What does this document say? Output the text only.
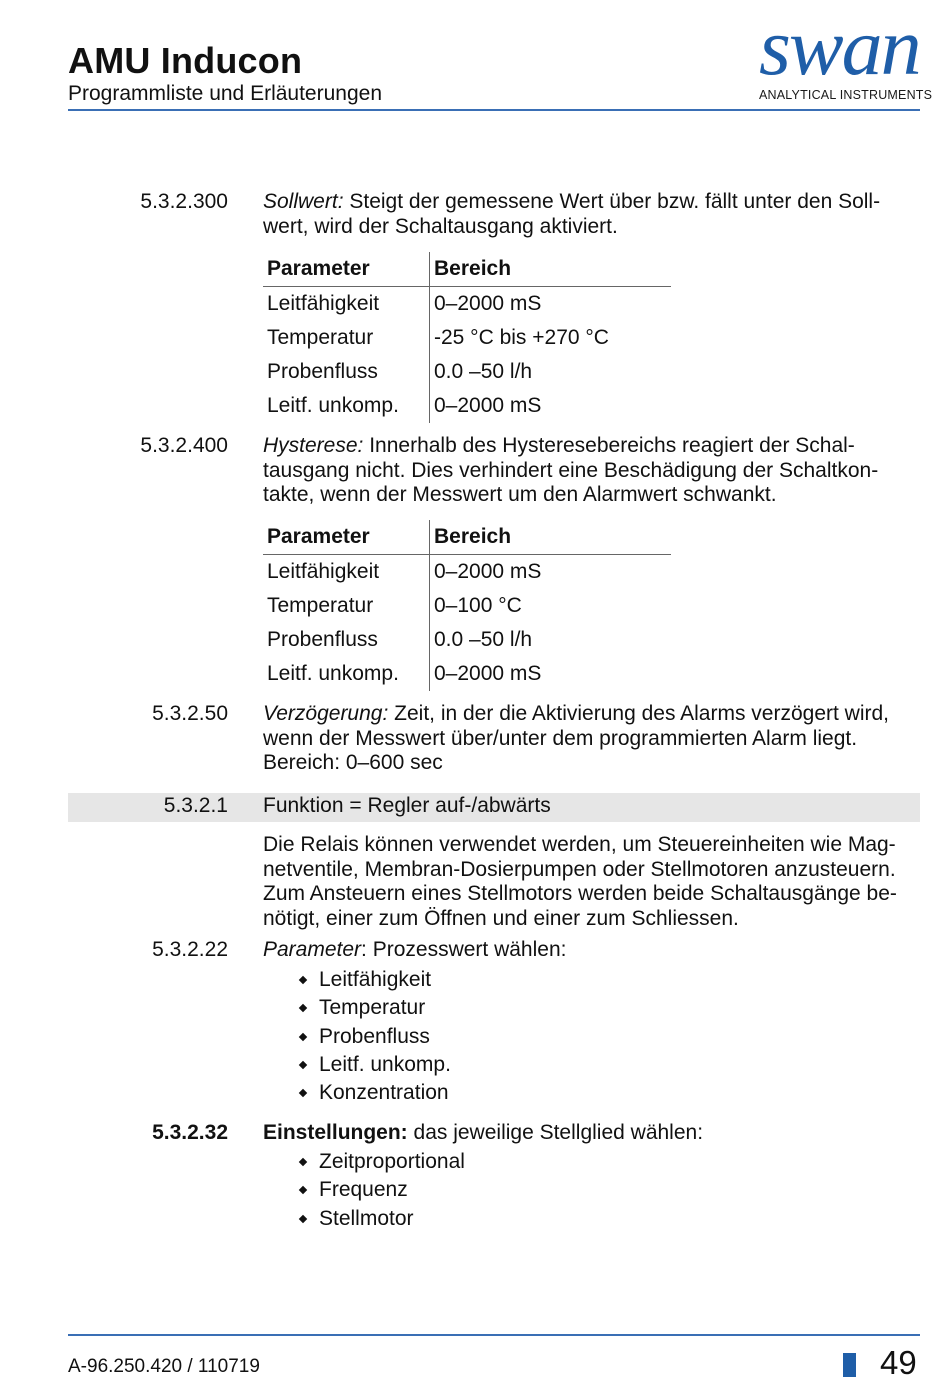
AMU Inducon
Programmliste und Erläuterungen
swan
ANALYTICAL INSTRUMENTS
5.3.2.300 Sollwert: Steigt der gemessene Wert über bzw. fällt unter den Soll-
wert, wird der Schaltausgang aktiviert.
Parameter	Bereich
Leitfähigkeit	0–2000 mS
Temperatur	-25 °C bis +270 °C
Probenfluss	0.0 –50 l/h
Leitf. unkomp.	0–2000 mS
5.3.2.400 Hysterese: Innerhalb des Hysteresebereichs reagiert der Schal-
tausgang nicht. Dies verhindert eine Beschädigung der Schaltkon-
takte, wenn der Messwert um den Alarmwert schwankt.
Parameter	Bereich
Leitfähigkeit	0–2000 mS
Temperatur	0–100 °C
Probenfluss	0.0 –50 l/h
Leitf. unkomp.	0–2000 mS
5.3.2.50 Verzögerung: Zeit, in der die Aktivierung des Alarms verzögert wird,
wenn der Messwert über/unter dem programmierten Alarm liegt.
Bereich: 0–600 sec
5.3.2.1 Funktion = Regler auf-/abwärts
Die Relais können verwendet werden, um Steuereinheiten wie Mag-
netventile, Membran-Dosierpumpen oder Stellmotoren anzusteuern.
Zum Ansteuern eines Stellmotors werden beide Schaltausgänge be-
nötigt, einer zum Öffnen und einer zum Schliessen.
5.3.2.22 Parameter: Prozesswert wählen:
Leitfähigkeit
Temperatur
Probenfluss
Leitf. unkomp.
Konzentration
5.3.2.32 Einstellungen: das jeweilige Stellglied wählen:
Zeitproportional
Frequenz
Stellmotor
A-96.250.420 / 110719	49
